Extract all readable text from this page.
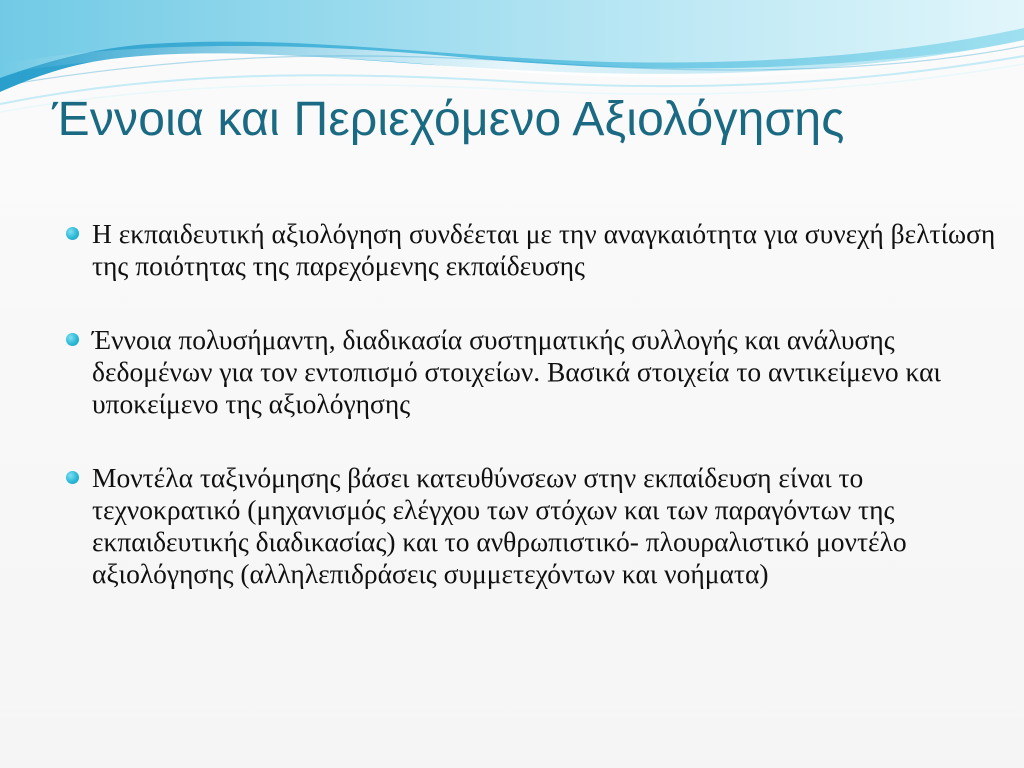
Έννοια και Περιεχόμενο Αξιολόγησης
Η εκπαιδευτική αξιολόγηση συνδέεται με την αναγκαιότητα για συνεχή βελτίωση της ποιότητας της παρεχόμενης εκπαίδευσης
Έννοια πολυσήμαντη, διαδικασία συστηματικής συλλογής και ανάλυσης δεδομένων για τον εντοπισμό στοιχείων. Βασικά στοιχεία το αντικείμενο και υποκείμενο της αξιολόγησης
Μοντέλα ταξινόμησης βάσει κατευθύνσεων στην εκπαίδευση είναι το τεχνοκρατικό (μηχανισμός ελέγχου των στόχων και των παραγόντων της εκπαιδευτικής διαδικασίας) και το ανθρωπιστικό- πλουραλιστικό μοντέλο αξιολόγησης (αλληλεπιδράσεις συμμετεχόντων και νοήματα)
